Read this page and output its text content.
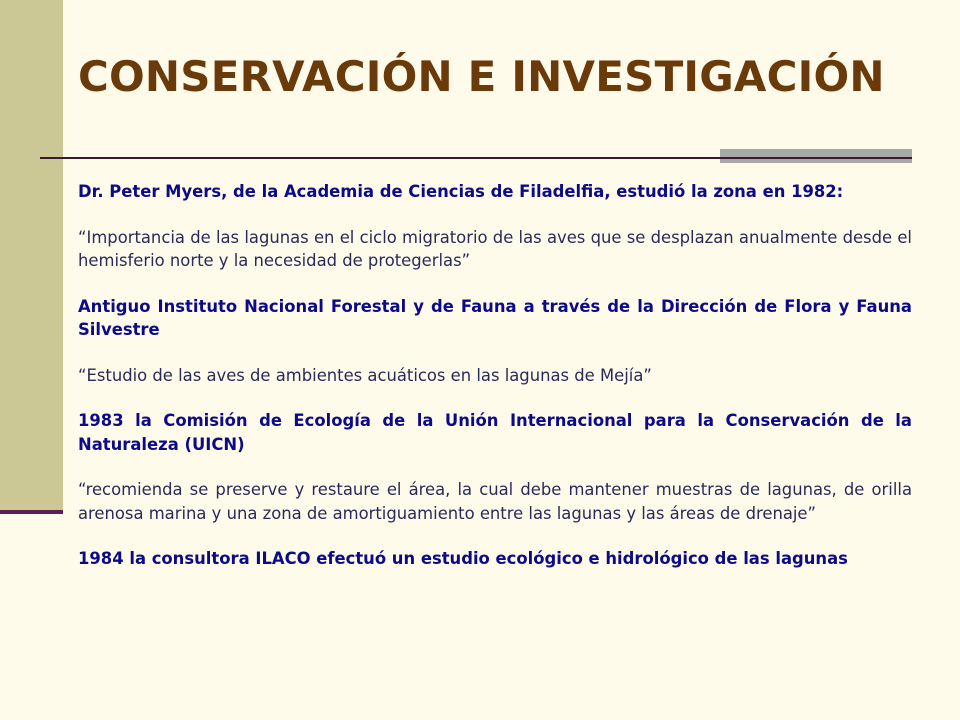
CONSERVACIÓN E INVESTIGACIÓN

Dr. Peter Myers, de la Academia de Ciencias de Filadelfia, estudió la zona en 1982:

“Importancia de las lagunas en el ciclo migratorio de las aves que se desplazan anualmente desde el hemisferio norte y la necesidad de protegerlas”

Antiguo Instituto Nacional Forestal y de Fauna a través de la Dirección de Flora y Fauna Silvestre

“Estudio de las aves de ambientes acuáticos en las lagunas de Mejía”

1983 la Comisión de Ecología de la Unión Internacional para la Conservación de la Naturaleza (UICN)

“recomienda se preserve y restaure el área, la cual debe mantener muestras de lagunas, de orilla arenosa marina y una zona de amortiguamiento entre las lagunas y las áreas de drenaje”

1984 la consultora ILACO efectuó un estudio ecológico e hidrológico de las lagunas
